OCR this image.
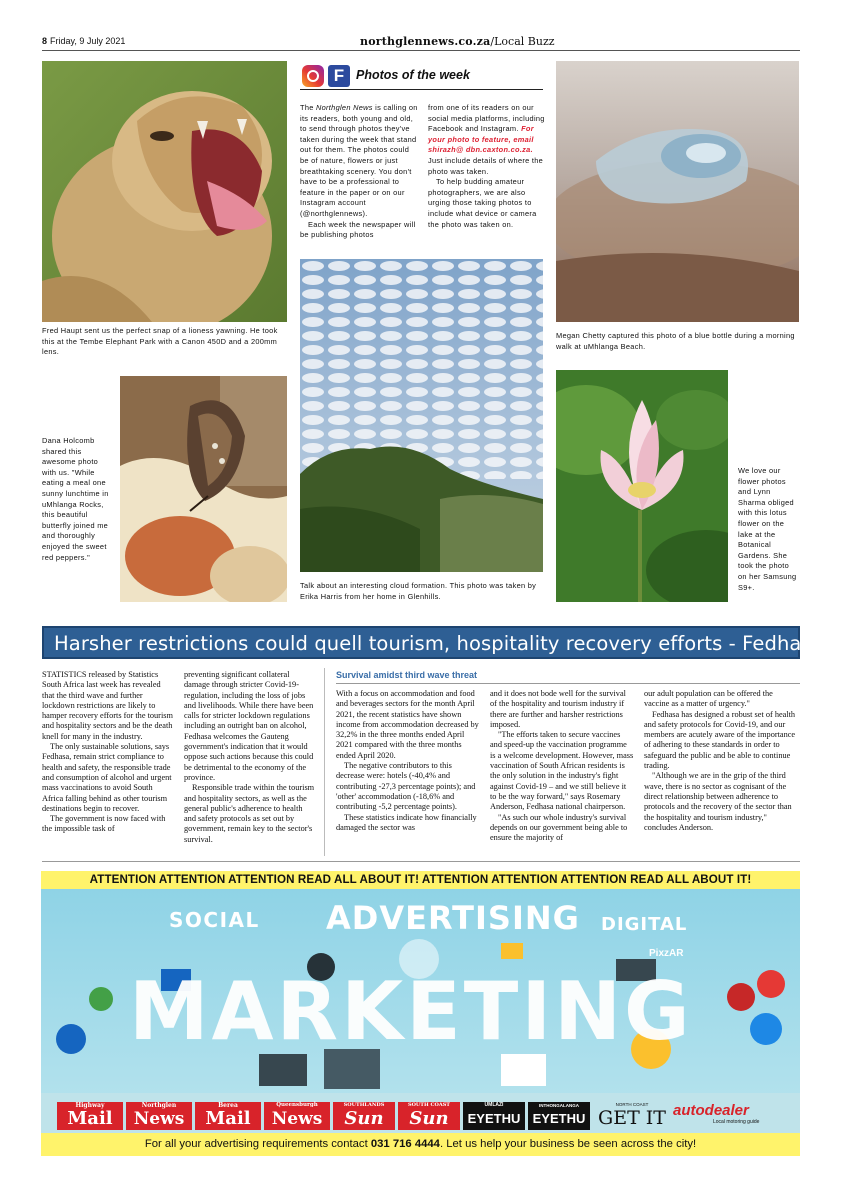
8 Friday, 9 July 2021	northglennews.co.za/Local Buzz
Fred Haupt sent us the perfect snap of a lioness yawning. He took this at the Tembe Elephant Park with a Canon 450D and a 200mm lens.
Dana Holcomb shared this awesome photo with us. "While eating a meal one sunny lunchtime in uMhlanga Rocks, this beautiful butterfly joined me and thoroughly enjoyed the sweet red peppers."
F Photos of the week

The Northglen News is calling on its readers, both young and old, to send through photos they've taken during the week that stand out for them. The photos could be of nature, flowers or just breathtaking scenery. You don't have to be a professional to feature in the paper or on our Instagram account (@northglennews).

Each week the newspaper will be publishing photos

from one of its readers on our social media platforms, including Facebook and Instagram. For your photo to feature, email shirazh@ dbn.caxton.co.za. Just include details of where the photo was taken.

To help budding amateur photographers, we are also urging those taking photos to include what device or camera the photo was taken on.

Talk about an interesting cloud formation. This photo was taken by Erika Harris from her home in Glenhills.
Megan Chetty captured this photo of a blue bottle during a morning walk at uMhlanga Beach.
We love our flower photos and Lynn Sharma obliged with this lotus flower on the lake at the Botanical Gardens. She took the photo on her Samsung S9+.
Harsher restrictions could quell tourism, hospitality recovery efforts - Fedhasa

STATISTICS released by Statistics South Africa last week has revealed that the third wave and further lockdown restrictions are likely to hamper recovery efforts for the tourism and hospitality sectors and be the death knell for many in the industry.

The only sustainable solutions, says Fedhasa, remain strict compliance to health and safety, the responsible trade and consumption of alcohol and urgent mass vaccinations to avoid South Africa falling behind as other tourism destinations begin to recover.

The government is now faced with the impossible task of

preventing significant collateral damage through stricter Covid-19-regulation, including the loss of jobs and livelihoods. While there have been calls for stricter lockdown regulations including an outright ban on alcohol, Fedhasa welcomes the Gauteng government's indication that it would oppose such actions because this could be detrimental to the economy of the province.

Responsible trade within the tourism and hospitality sectors, as well as the general public's adherence to health and safety protocols as set out by government, remain key to the sector's survival.

Survival amidst third wave threat

With a focus on accommodation and food and beverages sectors for the month April 2021, the recent statistics have shown income from accommodation decreased by 32,2% in the three months ended April 2021 compared with the three months ended April 2020.

The negative contributors to this decrease were: hotels (-40,4% and contributing -27,3 percentage points); and 'other' accommodation (-18,6% and contributing -5,2 percentage points).

These statistics indicate how financially damaged the sector was

and it does not bode well for the survival of the hospitality and tourism industry if there are further and harsher restrictions imposed.

"The efforts taken to secure vaccines and speed-up the vaccination programme is a welcome development. However, mass vaccination of South African residents is the only solution in the industry's fight against Covid-19 – and we still believe it to be the way forward," says Rosemary Anderson, Fedhasa national chairperson.

"As such our whole industry's survival depends on our government being able to ensure the majority of

our adult population can be offered the vaccine as a matter of urgency."

Fedhasa has designed a robust set of health and safety protocols for Covid-19, and our members are acutely aware of the importance of adhering to these standards in order to safeguard the public and be able to continue trading.

"Although we are in the grip of the third wave, there is no sector as cognisant of the direct relationship between adherence to protocols and the recovery of the sector than the hospitality and tourism industry," concludes Anderson.

ATTENTION ATTENTION ATTENTION READ ALL ABOUT IT! ATTENTION ATTENTION ATTENTION READ ALL ABOUT IT!
SOCIAL ADVERTISING DIGITAL
PixzAR
MARKETING
Highway
Mail
Northglen
News
Berea
Mail
Queensburgh
News
SOUTHLANDS
Sun
SOUTH COAST
Sun
UMLAZI
EYETHU
INTHONGALANGA
EYETHU
NORTH COAST
GET IT autodealer
Local motoring guide
For all your advertising requirements contact 031 716 4444. Let us help your business be seen across the city!
